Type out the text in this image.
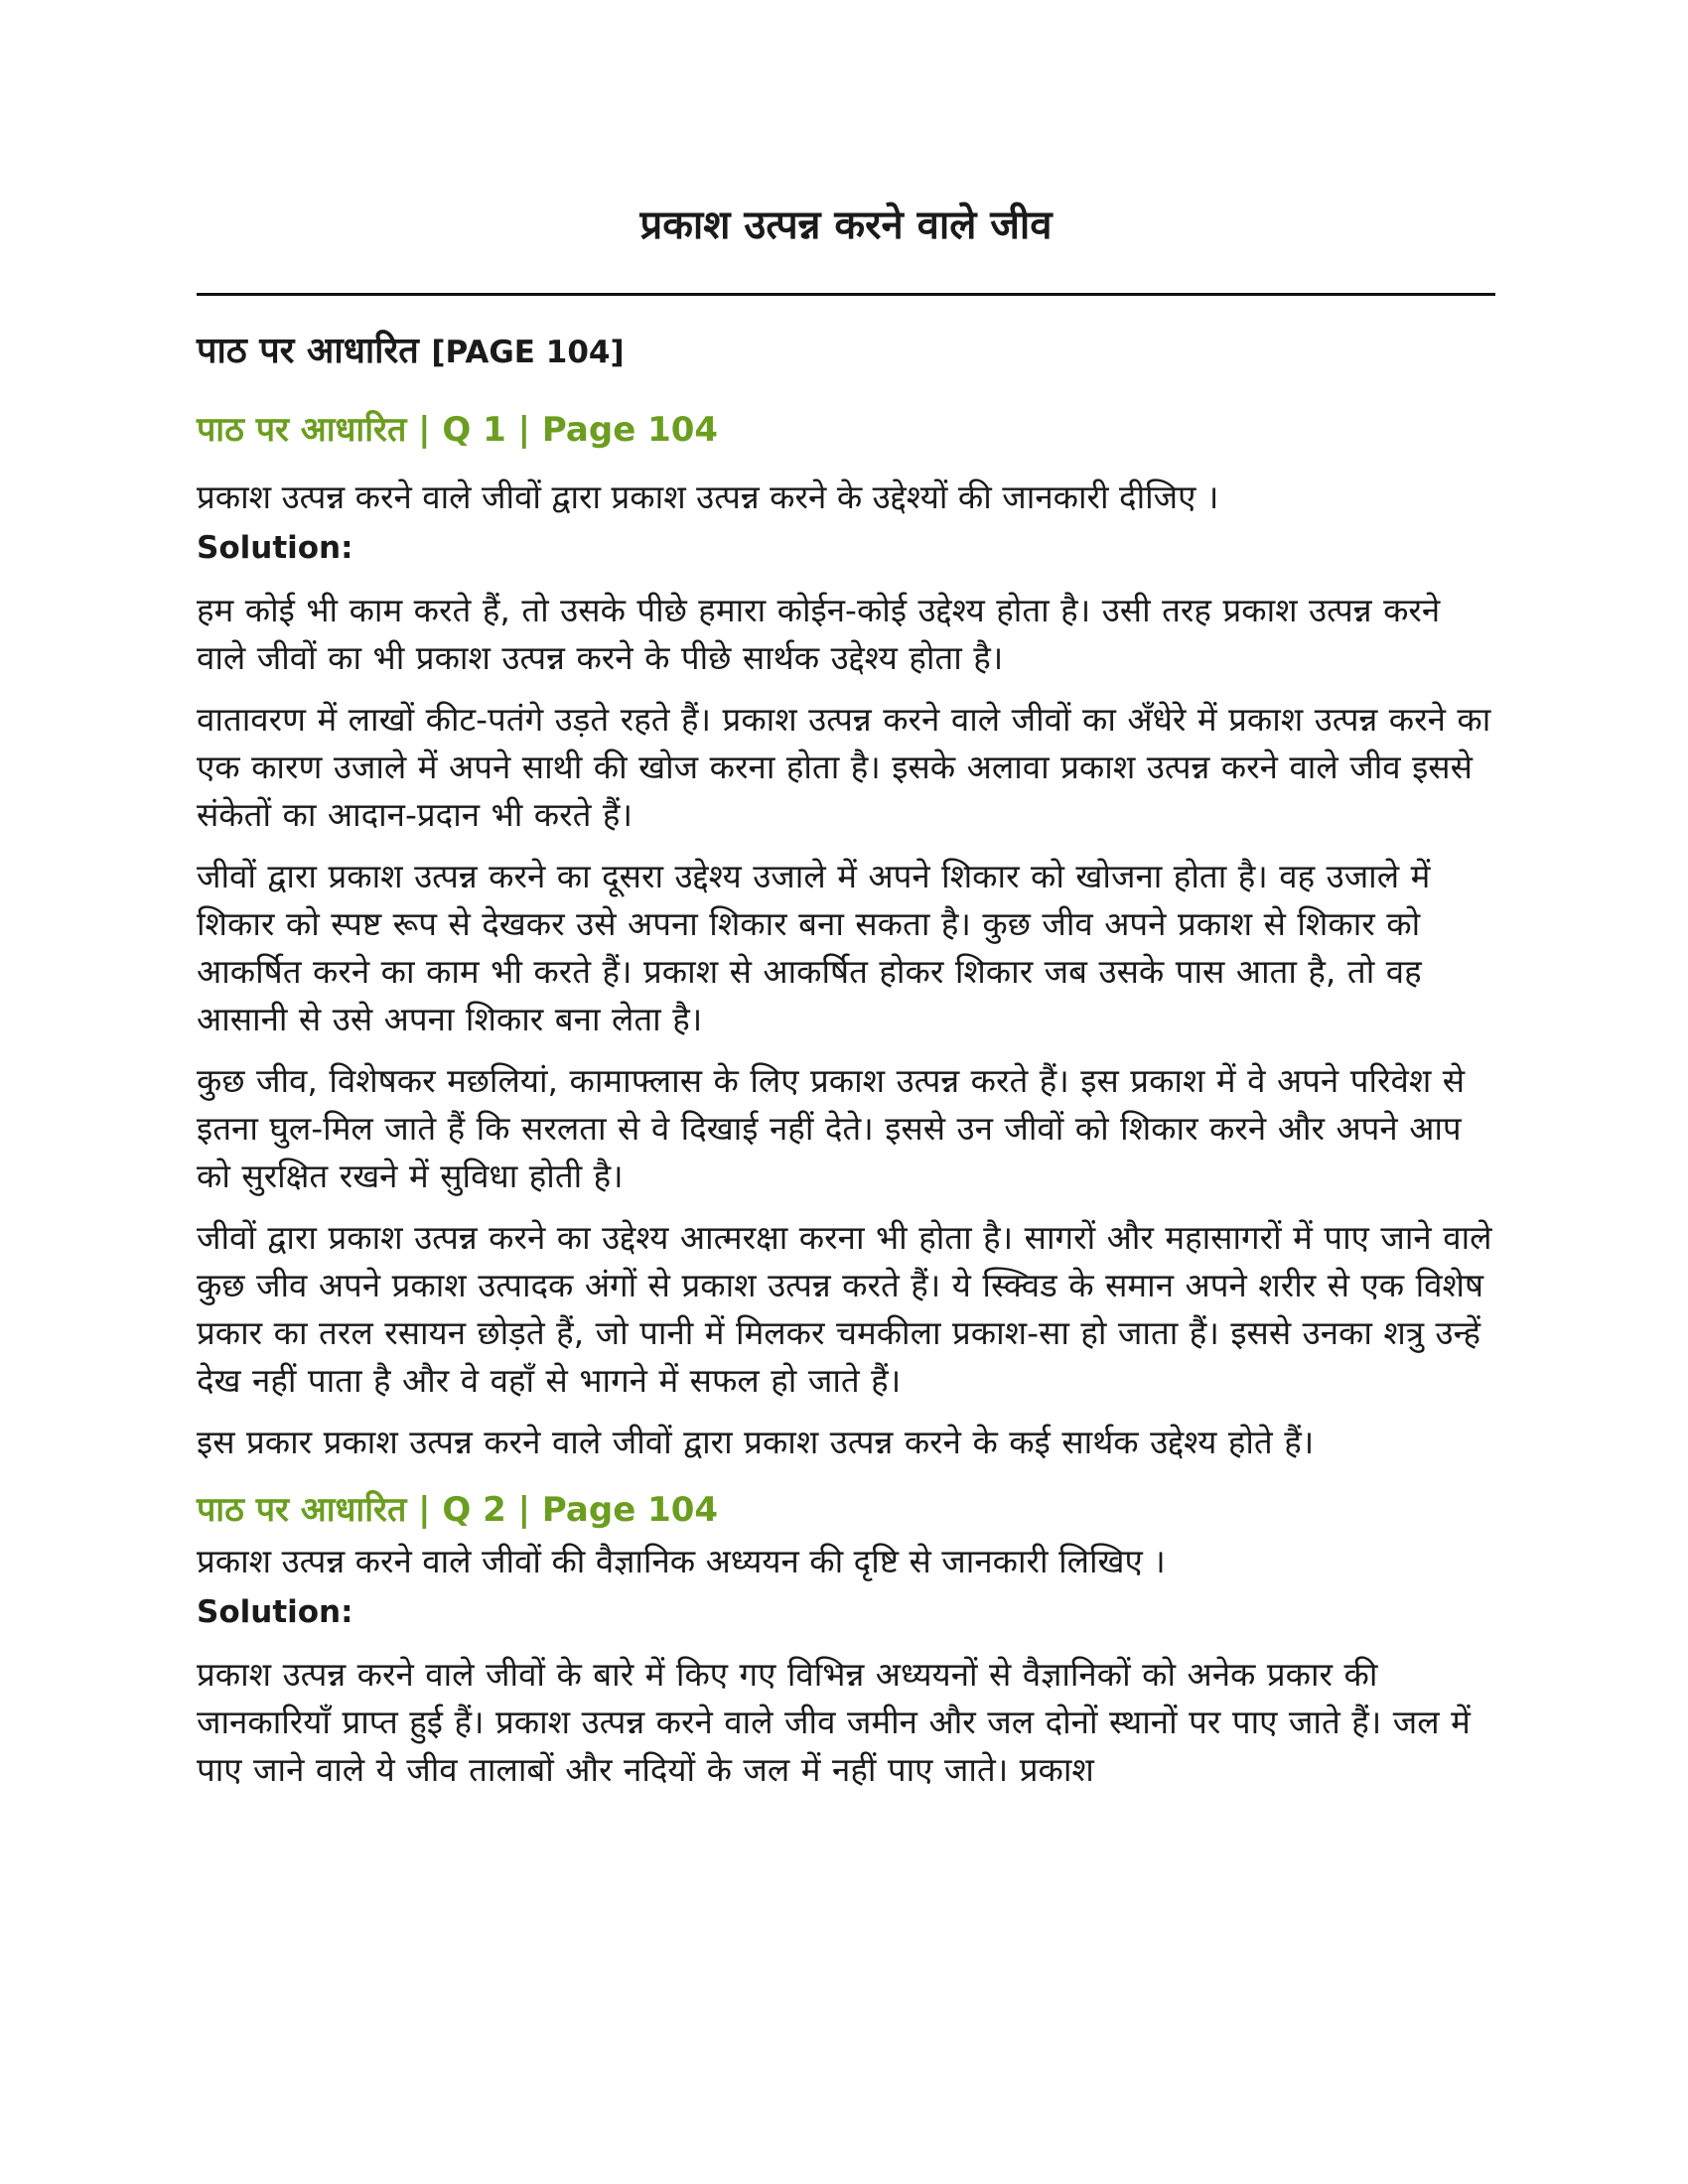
प्रकाश उत्पन्न करने वाले जीव
पाठ पर आधारित [PAGE 104]
पाठ पर आधारित | Q 1 | Page 104

प्रकाश उत्पन्न करने वाले जीवों द्वारा प्रकाश उत्पन्न करने के उद्देश्यों की जानकारी दीजिए ।

Solution:

हम कोई भी काम करते हैं, तो उसके पीछे हमारा कोईन-कोई उद्देश्य होता है। उसी तरह प्रकाश उत्पन्न करने वाले जीवों का भी प्रकाश उत्पन्न करने के पीछे सार्थक उद्देश्य होता है।

वातावरण में लाखों कीट-पतंगे उड़ते रहते हैं। प्रकाश उत्पन्न करने वाले जीवों का अँधेरे में प्रकाश उत्पन्न करने का एक कारण उजाले में अपने साथी की खोज करना होता है। इसके अलावा प्रकाश उत्पन्न करने वाले जीव इससे संकेतों का आदान-प्रदान भी करते हैं।

जीवों द्वारा प्रकाश उत्पन्न करने का दूसरा उद्देश्य उजाले में अपने शिकार को खोजना होता है। वह उजाले में शिकार को स्पष्ट रूप से देखकर उसे अपना शिकार बना सकता है। कुछ जीव अपने प्रकाश से शिकार को आकर्षित करने का काम भी करते हैं। प्रकाश से आकर्षित होकर शिकार जब उसके पास आता है, तो वह आसानी से उसे अपना शिकार बना लेता है।

कुछ जीव, विशेषकर मछलियां, कामाफ्लास के लिए प्रकाश उत्पन्न करते हैं। इस प्रकाश में वे अपने परिवेश से इतना घुल-मिल जाते हैं कि सरलता से वे दिखाई नहीं देते। इससे उन जीवों को शिकार करने और अपने आप को सुरक्षित रखने में सुविधा होती है।

जीवों द्वारा प्रकाश उत्पन्न करने का उद्देश्य आत्मरक्षा करना भी होता है। सागरों और महासागरों में पाए जाने वाले कुछ जीव अपने प्रकाश उत्पादक अंगों से प्रकाश उत्पन्न करते हैं। ये स्क्विड के समान अपने शरीर से एक विशेष प्रकार का तरल रसायन छोड़ते हैं, जो पानी में मिलकर चमकीला प्रकाश-सा हो जाता हैं। इससे उनका शत्रु उन्हें देख नहीं पाता है और वे वहाँ से भागने में सफल हो जाते हैं।

इस प्रकार प्रकाश उत्पन्न करने वाले जीवों द्वारा प्रकाश उत्पन्न करने के कई सार्थक उद्देश्य होते हैं।

पाठ पर आधारित | Q 2 | Page 104

प्रकाश उत्पन्न करने वाले जीवों की वैज्ञानिक अध्ययन की दृष्टि से जानकारी लिखिए ।

Solution:

प्रकाश उत्पन्न करने वाले जीवों के बारे में किए गए विभिन्न अध्ययनों से वैज्ञानिकों को अनेक प्रकार की जानकारियाँ प्राप्त हुई हैं। प्रकाश उत्पन्न करने वाले जीव जमीन और जल दोनों स्थानों पर पाए जाते हैं। जल में पाए जाने वाले ये जीव तालाबों और नदियों के जल में नहीं पाए जाते। प्रकाश
